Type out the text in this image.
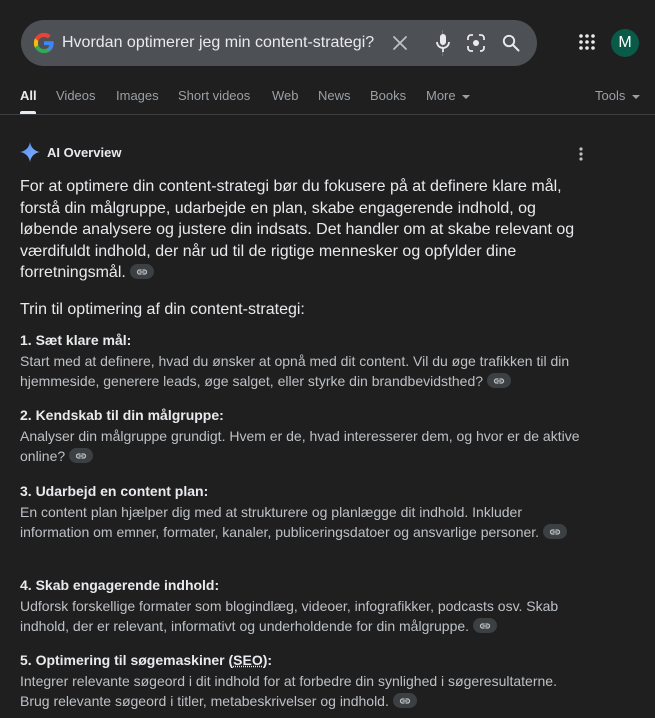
Hvordan optimerer jeg min content-strategi?	M
All Videos Images Short videos Web News Books More	Tools
AI Overview
For at optimere din content-strategi bør du fokusere på at definere klare mål, forstå din målgruppe, udarbejde en plan, skabe engagerende indhold, og løbende analysere og justere din indsats. Det handler om at skabe relevant og værdifuldt indhold, der når ud til de rigtige mennesker og opfylder dine forretningsmål.
Trin til optimering af din content-strategi:
1. Sæt klare mål:
Start med at definere, hvad du ønsker at opnå med dit content. Vil du øge trafikken til din hjemmeside, generere leads, øge salget, eller styrke din brandbevidsthed?
2. Kendskab til din målgruppe:
Analyser din målgruppe grundigt. Hvem er de, hvad interesserer dem, og hvor er de aktive online?
3. Udarbejd en content plan:
En content plan hjælper dig med at strukturere og planlægge dit indhold. Inkluder information om emner, formater, kanaler, publiceringsdatoer og ansvarlige personer.
4. Skab engagerende indhold:
Udforsk forskellige formater som blogindlæg, videoer, infografikker, podcasts osv. Skab indhold, der er relevant, informativt og underholdende for din målgruppe.
5. Optimering til søgemaskiner (SEO):
Integrer relevante søgeord i dit indhold for at forbedre din synlighed i søgeresultaterne. Brug relevante søgeord i titler, metabeskrivelser og indhold.
